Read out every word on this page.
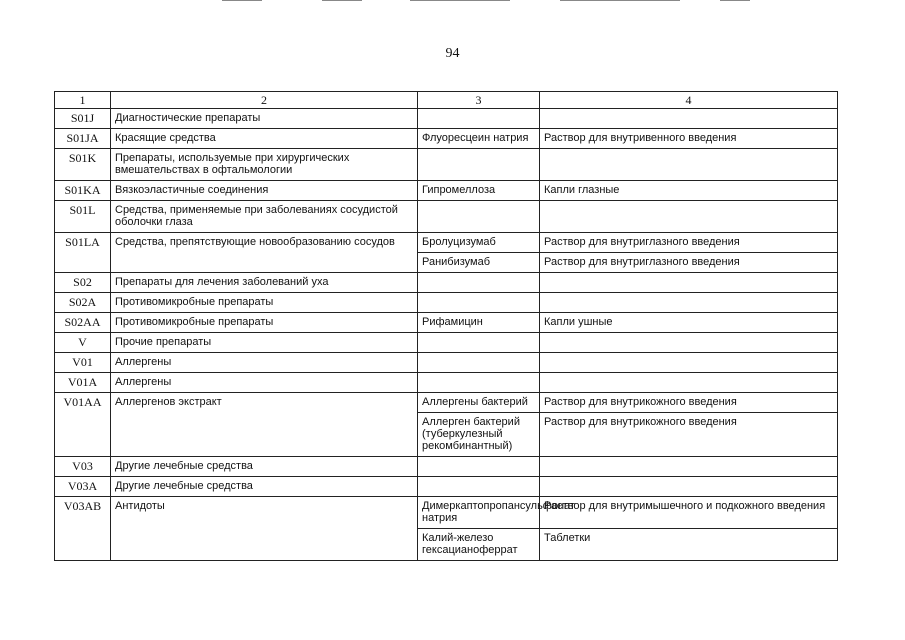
94
1	2	3	4
S01J	Диагностические препараты		
S01JA	Красящие средства	Флуоресцеин натрия	Раствор для внутривенного введения
S01K	Препараты, используемые при хирургических вмешательствах в офтальмологии		
S01KA	Вязкоэластичные соединения	Гипромеллоза	Капли глазные
S01L	Средства, применяемые при заболеваниях сосудистой оболочки глаза		
S01LA	Средства, препятствующие новообразованию сосудов	Бролуцизумаб	Раствор для внутриглазного введения
		Ранибизумаб	Раствор для внутриглазного введения
S02	Препараты для лечения заболеваний уха		
S02A	Противомикробные препараты		
S02AA	Противомикробные препараты	Рифамицин	Капли ушные
V	Прочие препараты		
V01	Аллергены		
V01A	Аллергены		
V01AA	Аллергенов экстракт	Аллергены бактерий	Раствор для внутрикожного введения
		Аллерген бактерий (туберкулезный рекомбинантный)	Раствор для внутрикожного введения
V03	Другие лечебные средства		
V03A	Другие лечебные средства		
V03AB	Антидоты	Димеркаптопропансульфонат натрия	Раствор для внутримышечного и подкожного введения
		Калий-железо гексацианоферрат	Таблетки
